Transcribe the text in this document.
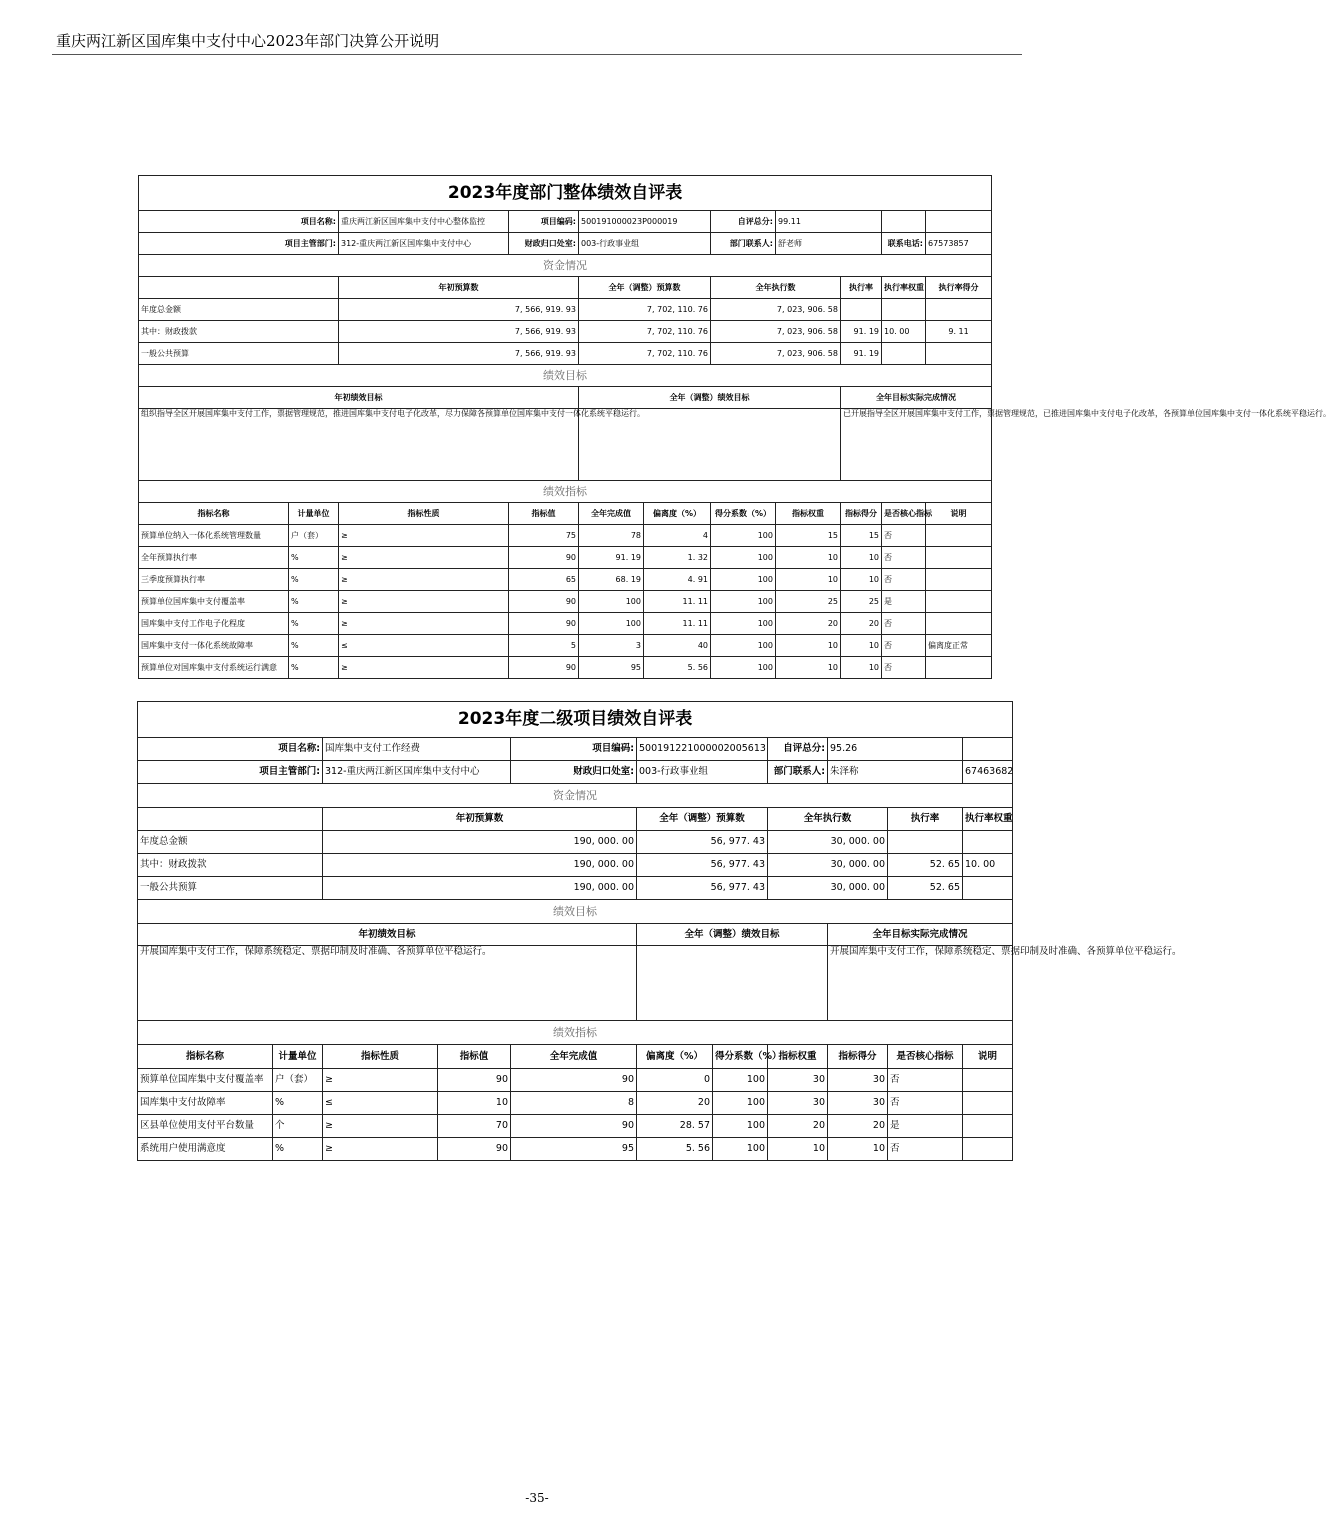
重庆两江新区国库集中支付中心2023年部门决算公开说明
2023年度部门整体绩效自评表										
项目名称:		重庆两江新区国库集中支付中心整体监控	项目编码:	500191000023P000019		自评总分:	99.11			
项目主管部门:		312-重庆两江新区国库集中支付中心	财政归口处室:	003-行政事业组		部门联系人:	舒老师		联系电话:	67573857
资金情况										
		年初预算数		全年（调整）预算数		全年执行数		执行率	执行率权重	执行率得分
年度总金额		7, 566, 919. 93		7, 702, 110. 76		7, 023, 906. 58				
其中：财政拨款		7, 566, 919. 93		7, 702, 110. 76		7, 023, 906. 58		91. 19	10. 00	9. 11
一般公共预算		7, 566, 919. 93		7, 702, 110. 76		7, 023, 906. 58		91. 19		
绩效目标										
年初绩效目标				全年（调整）绩效目标				全年目标实际完成情况		
组织指导全区开展国库集中支付工作，票据管理规范，推进国库集中支付电子化改革，尽力保障各预算单位国库集中支付一体化系统平稳运行。								已开展指导全区开展国库集中支付工作，票据管理规范，已推进国库集中支付电子化改革，各预算单位国库集中支付一体化系统平稳运行。		
绩效指标										
指标名称	计量单位	指标性质	指标值	全年完成值	偏离度（%）	得分系数（%）	指标权重	指标得分	是否核心指标	说明
预算单位纳入一体化系统管理数量	户（套）	≥	75	78	4	100	15	15	否	
全年预算执行率	%	≥	90	91. 19	1. 32	100	10	10	否	
三季度预算执行率	%	≥	65	68. 19	4. 91	100	10	10	否	
预算单位国库集中支付覆盖率	%	≥	90	100	11. 11	100	25	25	是	
国库集中支付工作电子化程度	%	≥	90	100	11. 11	100	20	20	否	
国库集中支付一体化系统故障率	%	≤	5	3	40	100	10	10	否	偏离度正常
预算单位对国库集中支付系统运行满意	%	≥	90	95	5. 56	100	10	10	否	
2023年度二级项目绩效自评表										
项目名称:		国库集中支付工作经费		项目编码:	500191221000002005613		自评总分:	95.26		
项目主管部门:		312-重庆两江新区国库集中支付中心		财政归口处室:	003-行政事业组		部门联系人:	朱泽称		67463682
资金情况										
		年初预算数			全年（调整）预算数		全年执行数		执行率	执行率权重
年度总金额		190, 000. 00			56, 977. 43		30, 000. 00			
其中：财政拨款		190, 000. 00			56, 977. 43		30, 000. 00		52. 65	10. 00
一般公共预算		190, 000. 00			56, 977. 43		30, 000. 00		52. 65	
绩效目标										
年初绩效目标					全年（调整）绩效目标			全年目标实际完成情况		
开展国库集中支付工作，保障系统稳定、票据印制及时准确、各预算单位平稳运行。								开展国库集中支付工作，保障系统稳定、票据印制及时准确、各预算单位平稳运行。		
绩效指标										
指标名称	计量单位	指标性质	指标值	全年完成值	偏离度（%）	得分系数（%）	指标权重	指标得分	是否核心指标	说明
预算单位国库集中支付覆盖率	户（套）	≥	90	90	0	100	30	30	否	
国库集中支付故障率	%	≤	10	8	20	100	30	30	否	
区县单位使用支付平台数量	个	≥	70	90	28. 57	100	20	20	是	
系统用户使用满意度	%	≥	90	95	5. 56	100	10	10	否	
-35-
